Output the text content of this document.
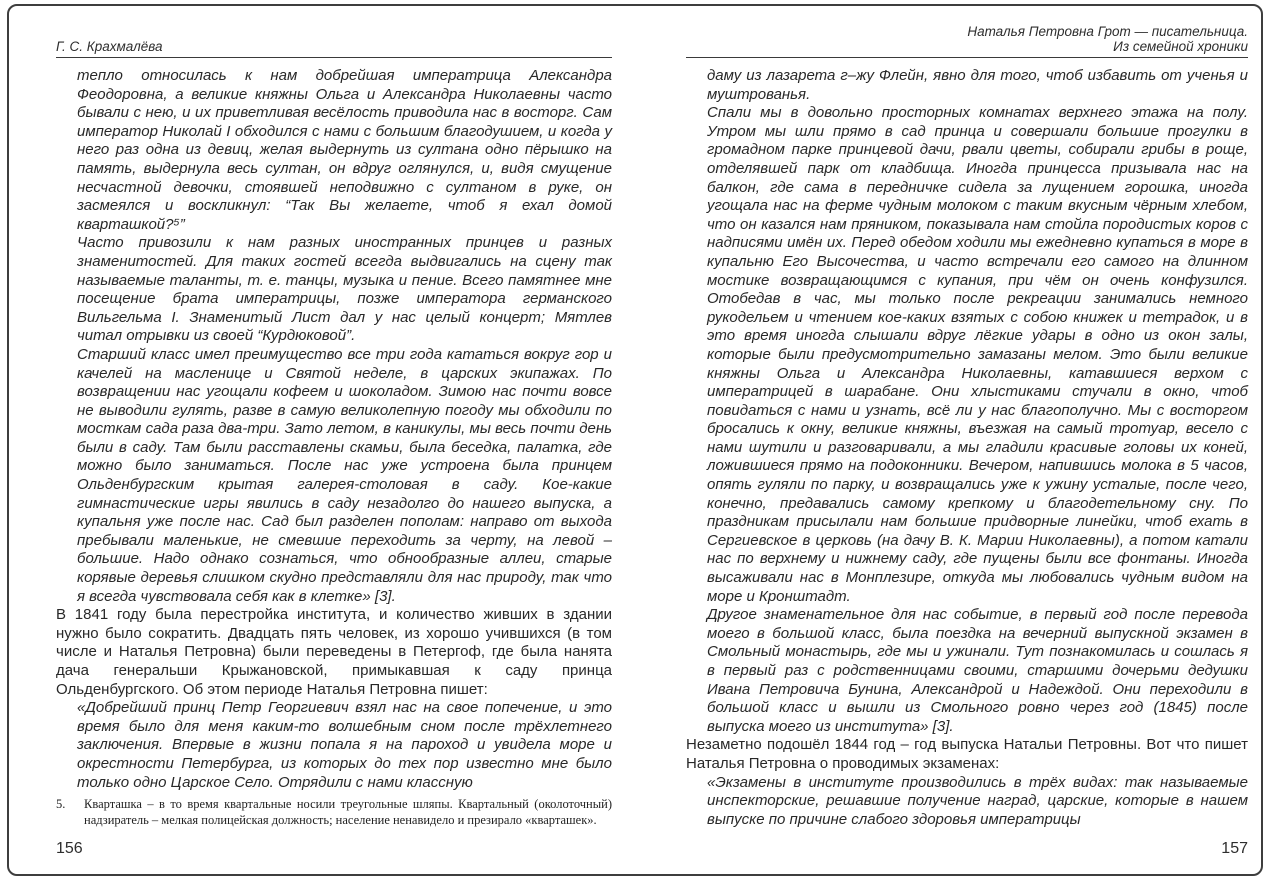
Г. С. Крахмалёва

тепло относилась к нам добрейшая императрица Александра Феодоровна, а великие княжны Ольга и Александра Николаевны часто бывали с нею, и их приветливая весёлость приводила нас в восторг. Сам император Николай I обходился с нами с большим благодушием, и когда у него раз одна из девиц, желая выдернуть из султана одно пёрышко на память, выдернула весь султан, он вдруг оглянулся, и, видя смущение несчастной девочки, стоявшей неподвижно с султаном в руке, он засмеялся и воскликнул: “Так Вы желаете, чтоб я ехал домой кварташкой?⁵”

Часто привозили к нам разных иностранных принцев и разных знаменитостей. Для таких гостей всегда выдвигались на сцену так называемые таланты, т. е. танцы, музыка и пение. Всего памятнее мне посещение брата императрицы, позже императора германского Вильгельма I. Знаменитый Лист дал у нас целый концерт; Мятлев читал отрывки из своей “Курдюковой”.

Старший класс имел преимущество все три года кататься вокруг гор и качелей на масленице и Святой неделе, в царских экипажах. По возвращении нас угощали кофеем и шоколадом. Зимою нас почти вовсе не выводили гулять, разве в самую великолепную погоду мы обходили по мосткам сада раза два-три. Зато летом, в каникулы, мы весь почти день были в саду. Там были расставлены скамьи, была беседка, палатка, где можно было заниматься. После нас уже устроена была принцем Ольденбургским крытая галерея-столовая в саду. Кое-какие гимнастические игры явились в саду незадолго до нашего выпуска, а купальня уже после нас. Сад был разделен пополам: направо от выхода пребывали маленькие, не смевшие переходить за черту, на левой – большие. Надо однако сознаться, что обнообразные аллеи, старые корявые деревья слишком скудно представляли для нас природу, так что я всегда чувствовала себя как в клетке» [3].

В 1841 году была перестройка института, и количество живших в здании нужно было сократить. Двадцать пять человек, из хорошо учившихся (в том числе и Наталья Петровна) были переведены в Петергоф, где была нанята дача генеральши Крыжановской, примыкавшая к саду принца Ольденбургского. Об этом периоде Наталья Петровна пишет:

«Добрейший принц Петр Георгиевич взял нас на свое попечение, и это время было для меня каким-то волшебным сном после трёхлетнего заключения. Впервые в жизни попала я на пароход и увидела море и окрестности Петербурга, из которых до тех пор известно мне было только одно Царское Село. Отрядили с нами классную

5. Кварташка – в то время квартальные носили треугольные шляпы. Квартальный (околоточный) надзиратель – мелкая полицейская должность; население ненавидело и презирало «кварташек».
156
Наталья Петровна Грот — писательница.
Из семейной хроники

даму из лазарета г–жу Флейн, явно для того, чтоб избавить от ученья и муштрованья.

Спали мы в довольно просторных комнатах верхнего этажа на полу. Утром мы шли прямо в сад принца и совершали большие прогулки в громадном парке принцевой дачи, рвали цветы, собирали грибы в роще, отделявшей парк от кладбища. Иногда принцесса призывала нас на балкон, где сама в передничке сидела за лущением горошка, иногда угощала нас на ферме чудным молоком с таким вкусным чёрным хлебом, что он казался нам пряником, показывала нам стойла породистых коров с надписями имён их. Перед обедом ходили мы ежедневно купаться в море в купальню Его Высочества, и часто встречали его самого на длинном мостике возвращающимся с купания, при чём он очень конфузился. Отобедав в час, мы только после рекреации занимались немного рукодельем и чтением кое-каких взятых с собою книжек и тетрадок, и в это время иногда слышали вдруг лёгкие удары в одно из окон залы, которые были предусмотрительно замазаны мелом. Это были великие княжны Ольга и Александра Николаевны, катавшиеся верхом с императрицей в шарабане. Они хлыстиками стучали в окно, чтоб повидаться с нами и узнать, всё ли у нас благополучно. Мы с восторгом бросались к окну, великие княжны, въезжая на самый тротуар, весело с нами шутили и разговаривали, а мы гладили красивые головы их коней, ложившиеся прямо на подоконники. Вечером, напившись молока в 5 часов, опять гуляли по парку, и возвращались уже к ужину усталые, после чего, конечно, предавались самому крепкому и благодетельному сну. По праздникам присылали нам большие придворные линейки, чтоб ехать в Сергиевское в церковь (на дачу В. К. Марии Николаевны), а потом катали нас по верхнему и нижнему саду, где пущены были все фонтаны. Иногда высаживали нас в Монплезире, откуда мы любовались чудным видом на море и Кронштадт.

Другое знаменательное для нас событие, в первый год после перевода моего в большой класс, была поездка на вечерний выпускной экзамен в Смольный монастырь, где мы и ужинали. Тут познакомилась и сошлась я в первый раз с родственницами своими, старшими дочерьми дедушки Ивана Петровича Бунина, Александрой и Надеждой. Они переходили в большой класс и вышли из Смольного ровно через год (1845) после выпуска моего из института» [3].

Незаметно подошёл 1844 год – год выпуска Натальи Петровны. Вот что пишет Наталья Петровна о проводимых экзаменах:

«Экзамены в институте производились в трёх видах: так называемые инспекторские, решавшие получение наград, царские, которые в нашем выпуске по причине слабого здоровья императрицы

157
